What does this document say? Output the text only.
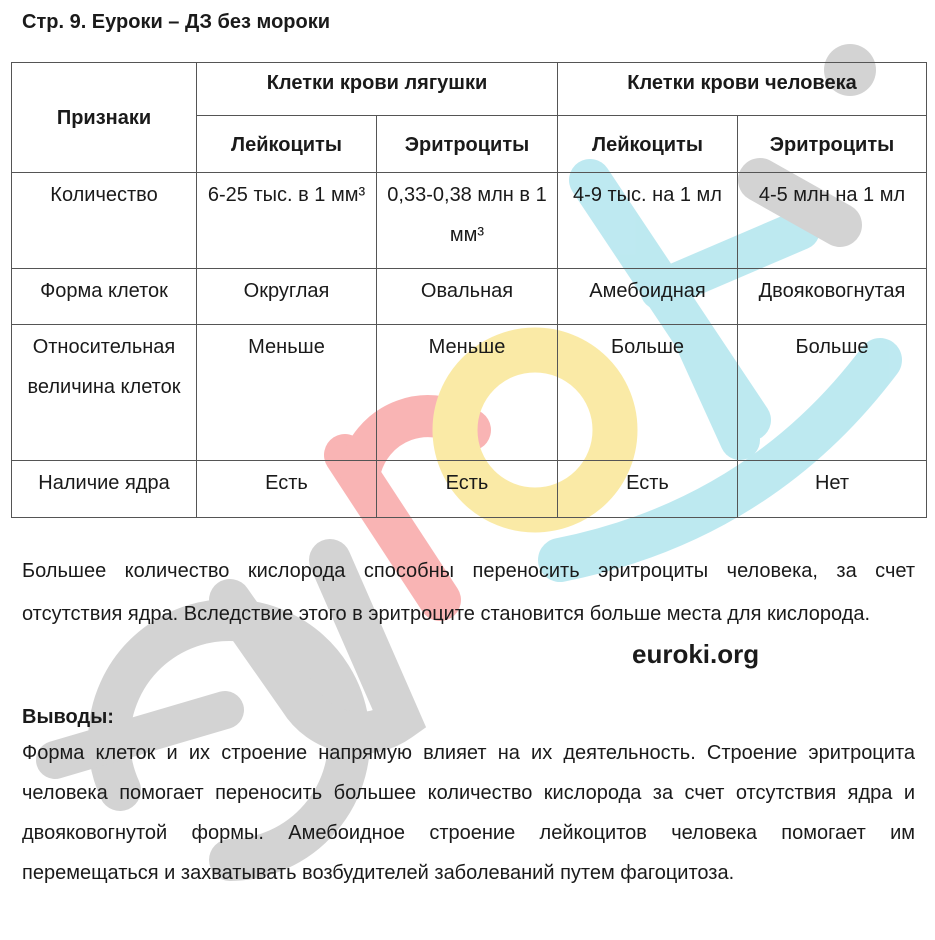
Стр. 9. Еуроки – ДЗ без мороки
Признаки	Клетки крови лягушки		Клетки крови человека	
	Лейкоциты	Эритроциты	Лейкоциты	Эритроциты
Количество	6-25 тыс. в 1 мм³	0,33-0,38 млн в 1 мм³	4-9 тыс. на 1 мл	4-5 млн на 1 мл
Форма клеток	Округлая	Овальная	Амебоидная	Двояковогнутая
Относительная величина клеток	Меньше	Меньше	Больше	Больше
Наличие ядра	Есть	Есть	Есть	Нет

Большее количество кислорода способны переносить эритроциты человека, за счет отсутствия ядра. Вследствие этого в эритроците становится больше места для кислорода.

euroki.org

Выводы:

Форма клеток и их строение напрямую влияет на их деятельность. Строение эритроцита человека помогает переносить большее количество кислорода за счет отсутствия ядра и двояковогнутой формы. Амебоидное строение лейкоцитов человека помогает им перемещаться и захватывать возбудителей заболеваний путем фагоцитоза.
